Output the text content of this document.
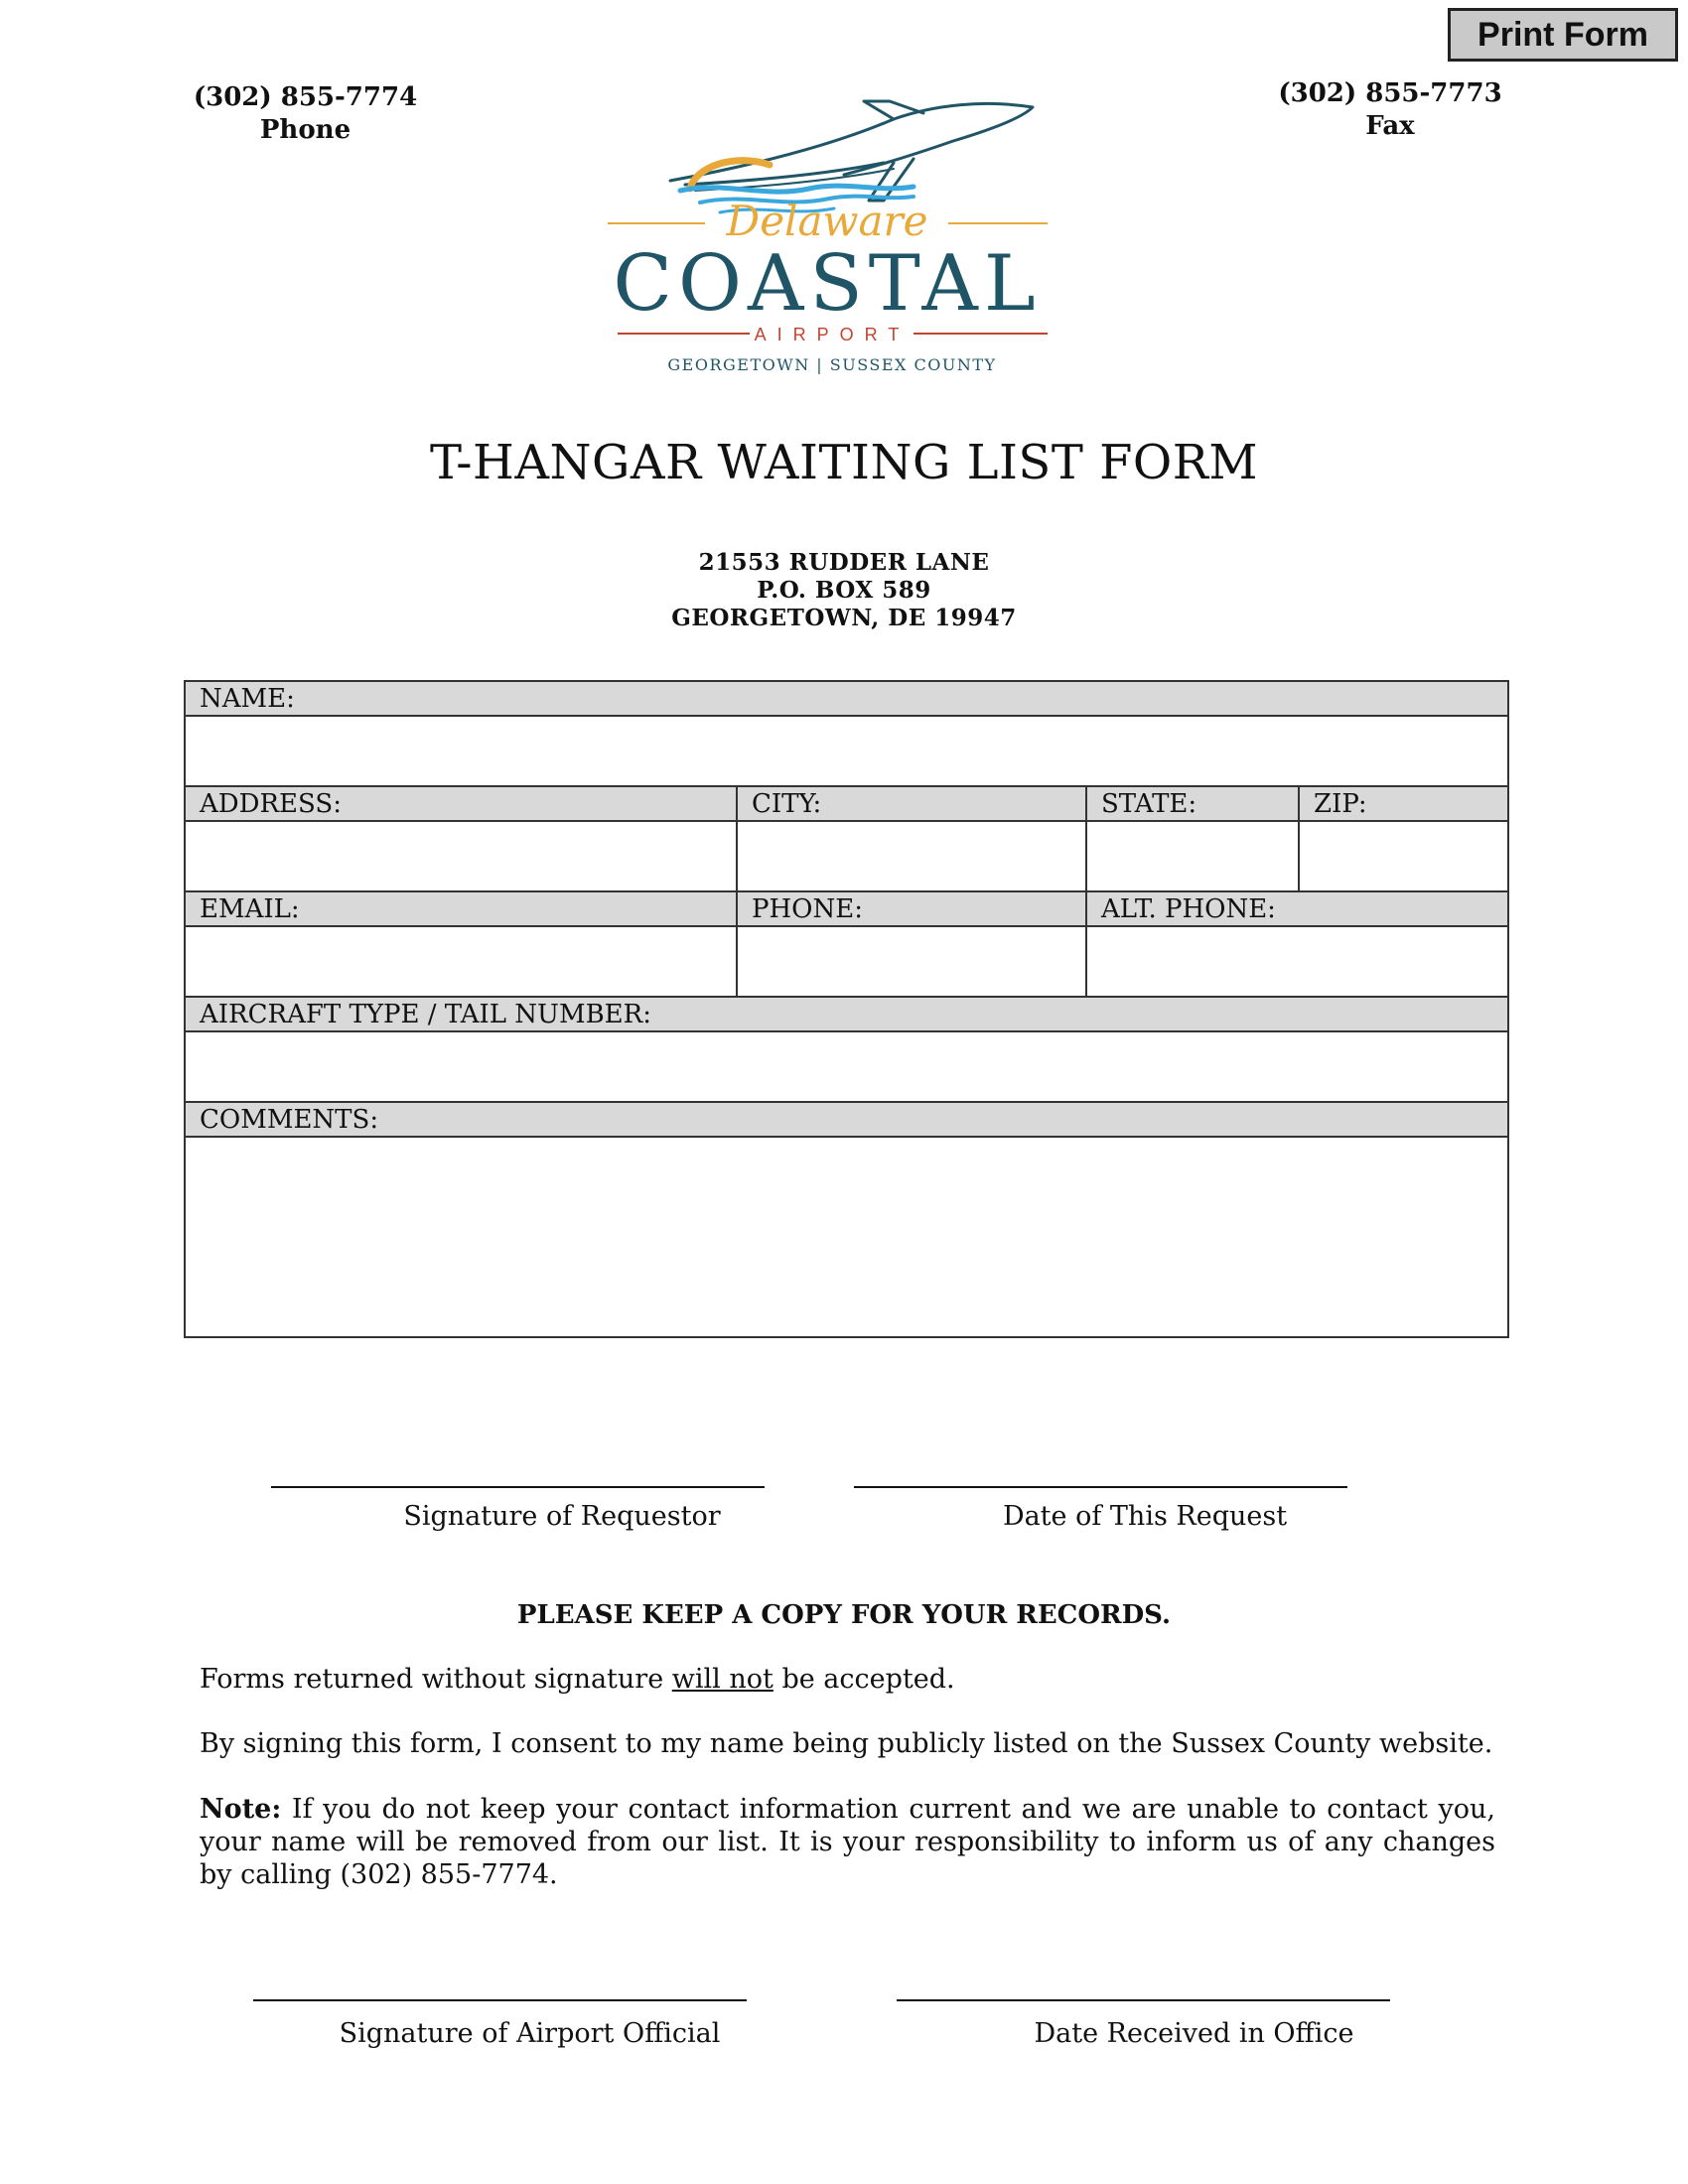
Print Form
(302) 855-7774
Phone
(302) 855-7773
Fax
Delaware
COASTAL
AIRPORT
GEORGETOWN | SUSSEX COUNTY
T-HANGAR WAITING LIST FORM
21553 RUDDER LANE
P.O. BOX 589
GEORGETOWN, DE 19947
NAME:
ADDRESS:	CITY:	STATE:	ZIP:
EMAIL:	PHONE:	ALT. PHONE:
AIRCRAFT TYPE / TAIL NUMBER:
COMMENTS:
Signature of Requestor	Date of This Request
PLEASE KEEP A COPY FOR YOUR RECORDS.
Forms returned without signature will not be accepted.
By signing this form, I consent to my name being publicly listed on the Sussex County website.
Note: If you do not keep your contact information current and we are unable to contact you, your name will be removed from our list. It is your responsibility to inform us of any changes by calling (302) 855-7774.
Signature of Airport Official	Date Received in Office
